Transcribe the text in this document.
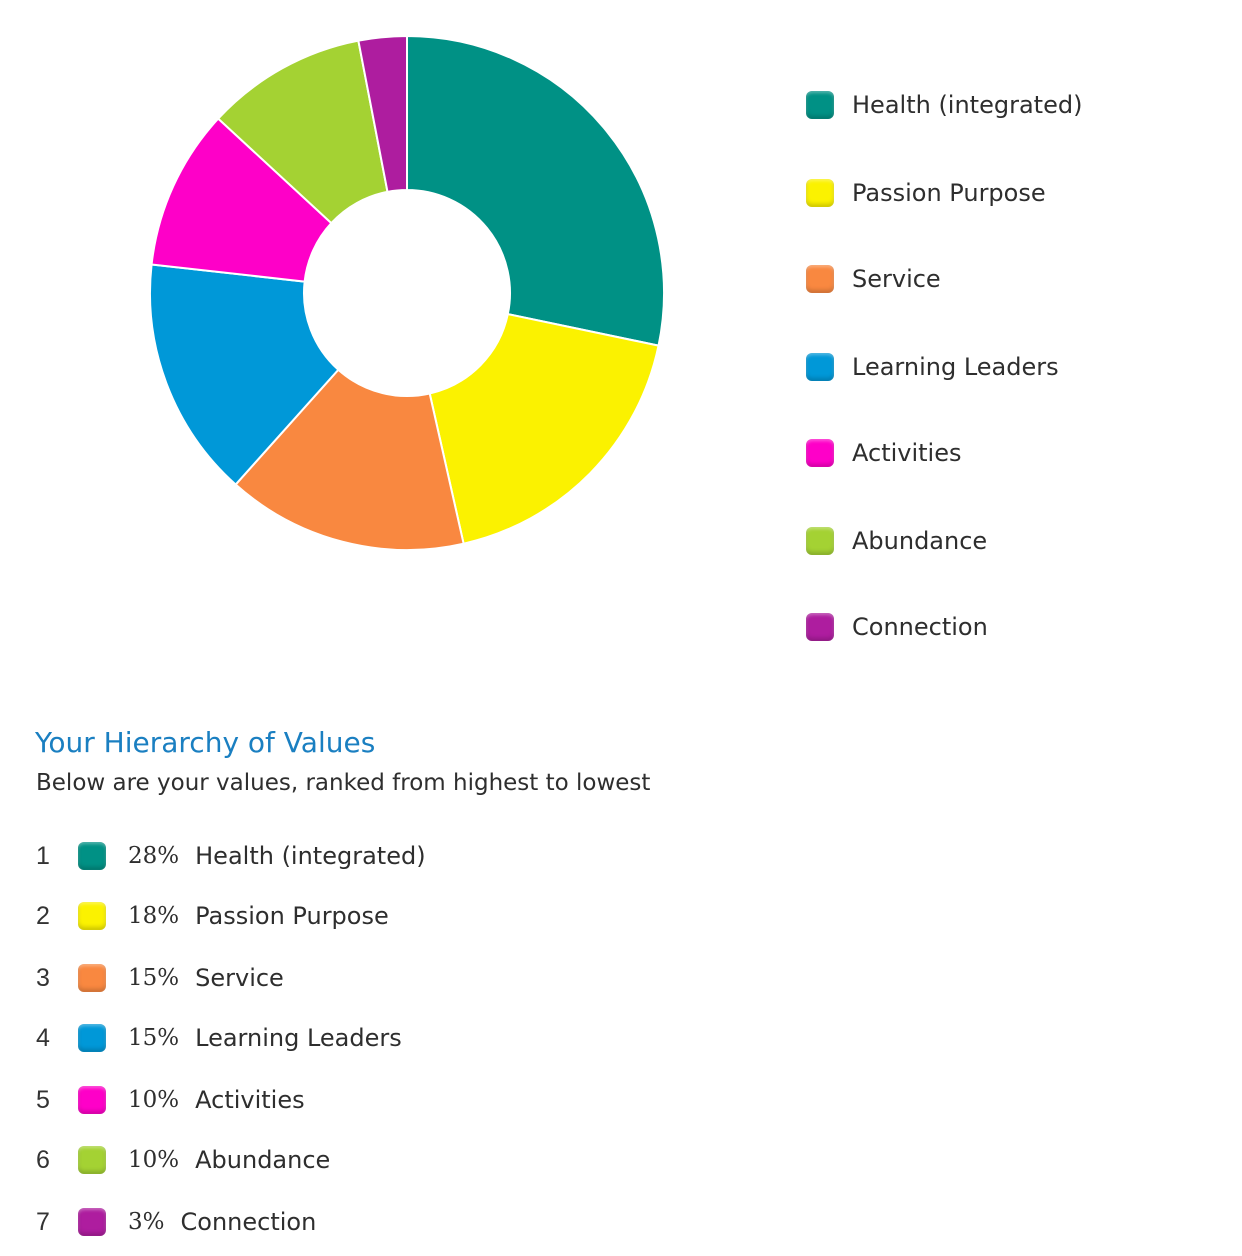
Health (integrated)
Passion Purpose
Service
Learning Leaders
Activities
Abundance
Connection
Your Hierarchy of Values

Below are your values, ranked from highest to lowest

1	28% Health (integrated)
2	18% Passion Purpose
3	15% Service
4	15% Learning Leaders
5	10% Activities
6	10% Abundance
7	3% Connection
